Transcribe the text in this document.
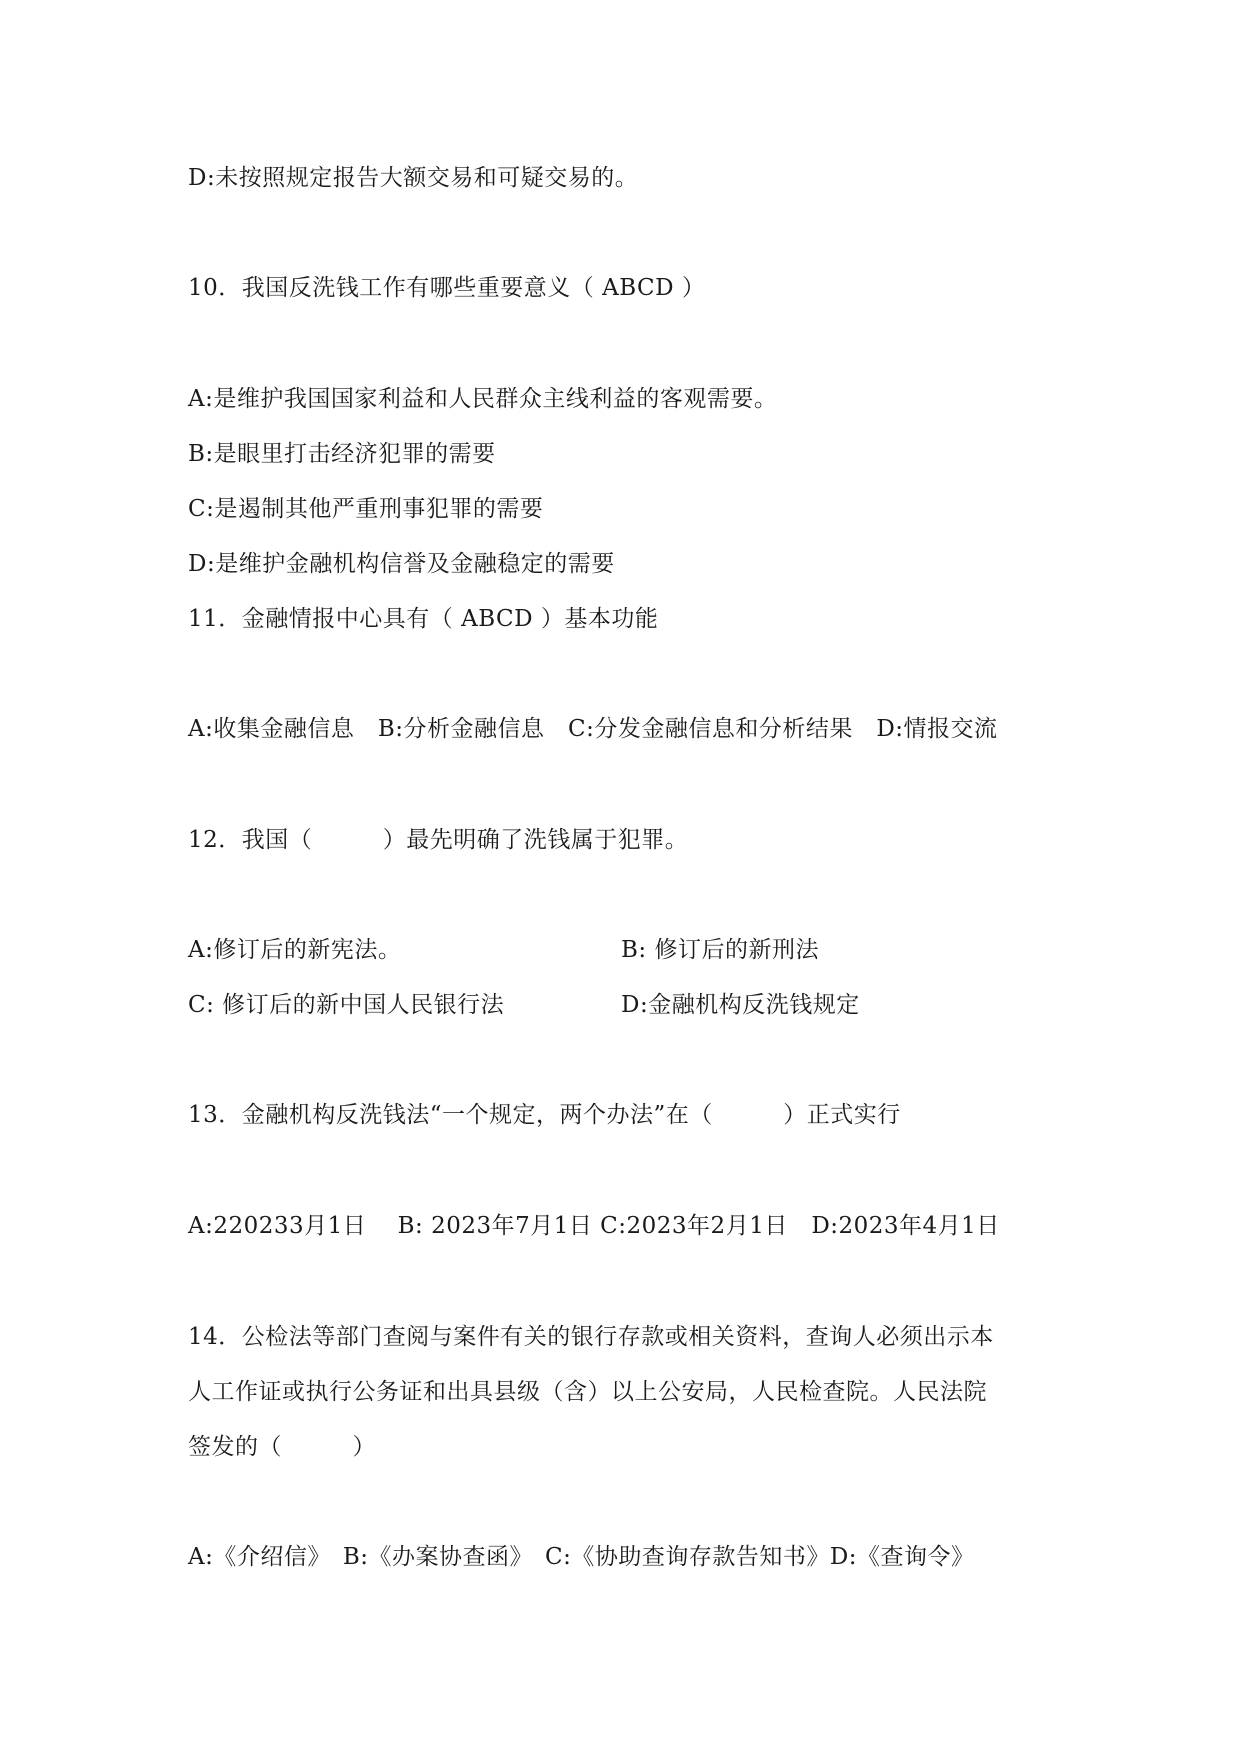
D:未按照规定报告大额交易和可疑交易的。
10．我国反洗钱工作有哪些重要意义（ ABCD ）
A:是维护我国国家利益和人民群众主线利益的客观需要。
B:是眼里打击经济犯罪的需要
C:是遏制其他严重刑事犯罪的需要
D:是维护金融机构信誉及金融稳定的需要
11．金融情报中心具有（ ABCD ）基本功能
A:收集金融信息　B:分析金融信息　C:分发金融信息和分析结果　D:情报交流
12．我国（　　　）最先明确了洗钱属于犯罪。
A:修订后的新宪法。	B: 修订后的新刑法
C: 修订后的新中国人民银行法	D:金融机构反洗钱规定
13．金融机构反洗钱法“一个规定，两个办法”在（　　　）正式实行
A:220233月1日　 B: 2023年7月1日 C:2023年2月1日　D:2023年4月1日
14．公检法等部门查阅与案件有关的银行存款或相关资料，查询人必须出示本
人工作证或执行公务证和出具县级（含）以上公安局，人民检查院。人民法院
签发的（　　　）
A:《介绍信》　B:《办案协查函》　C:《协助查询存款告知书》D:《查询令》
